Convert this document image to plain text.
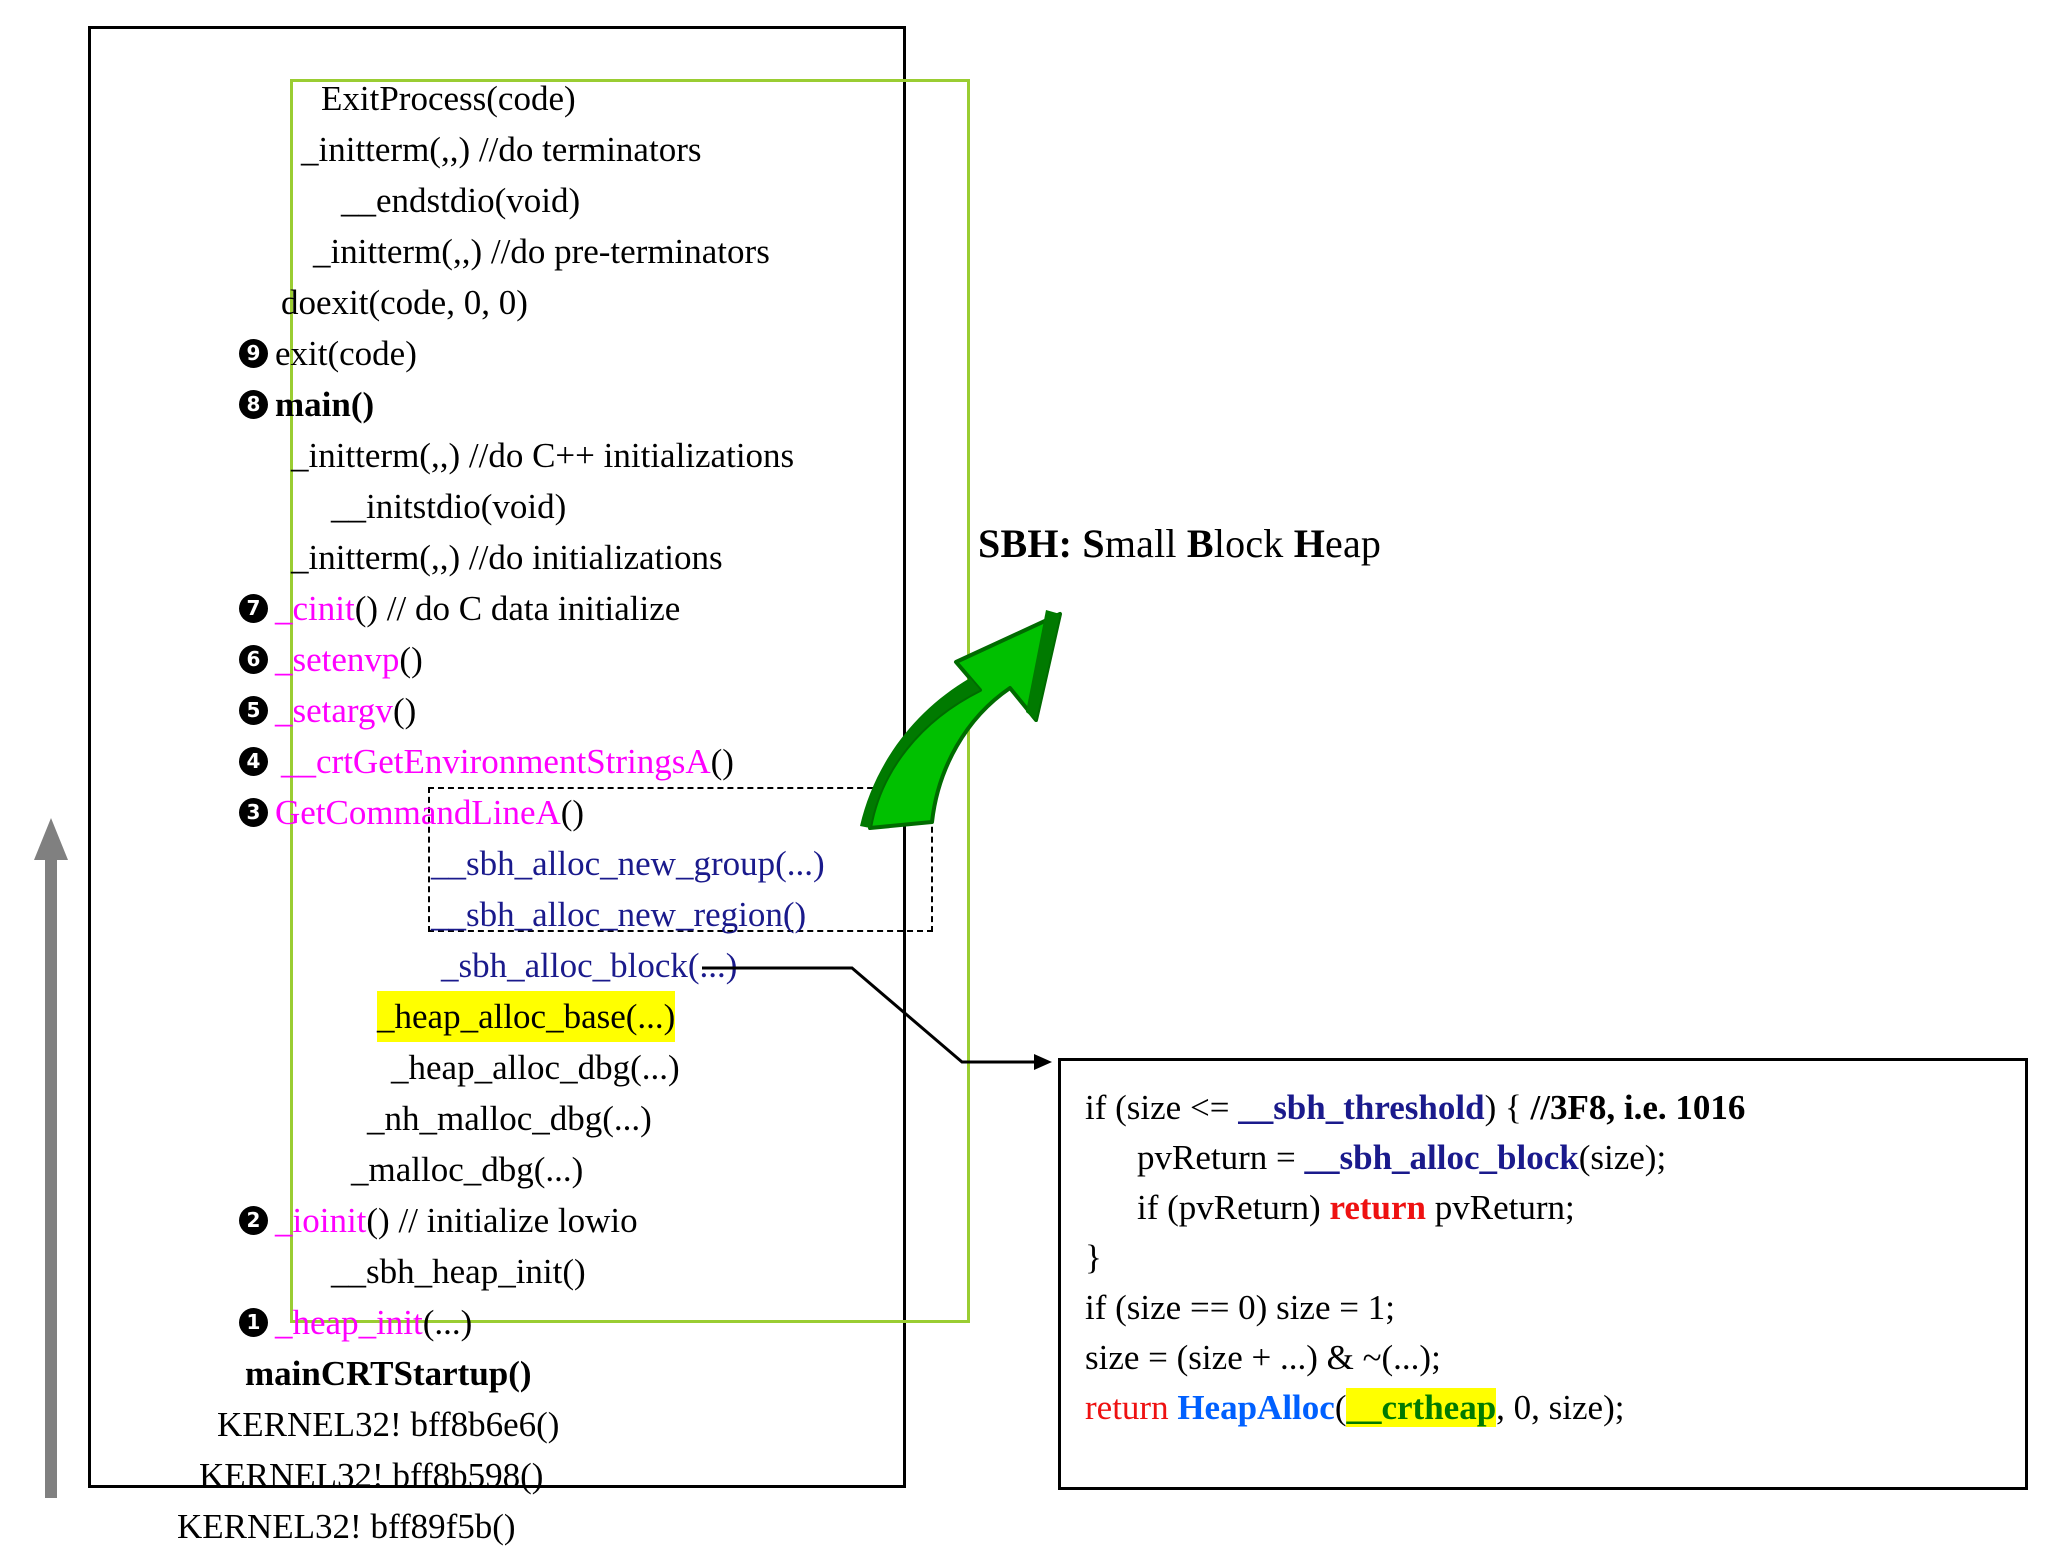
ExitProcess(code)
_initterm(,,) //do terminators
__endstdio(void)
_initterm(,,) //do pre-terminators
doexit(code, 0, 0)
9 exit(code)
8 main()
_initterm(,,) //do C++ initializations
__initstdio(void)
_initterm(,,) //do initializations
7 _cinit() // do C data initialize
6 _setenvp()
5 _setargv()
4 __crtGetEnvironmentStringsA()
3 GetCommandLineA()
__sbh_alloc_new_group(...)
__sbh_alloc_new_region()
_sbh_alloc_block(...)
_heap_alloc_base(...)
_heap_alloc_dbg(...)
_nh_malloc_dbg(...)
_malloc_dbg(...)
2 _ioinit() // initialize lowio
__sbh_heap_init()
1 _heap_init(...)
mainCRTStartup()
KERNEL32! bff8b6e6()
KERNEL32! bff8b598()
KERNEL32! bff89f5b()
SBH: Small Block Heap
if (size <= __sbh_threshold) { //3F8, i.e. 1016
pvReturn = __sbh_alloc_block(size);
if (pvReturn) return pvReturn;
}
if (size == 0) size = 1;
size = (size + ...) & ~(...);
return HeapAlloc(__crtheap, 0, size);
